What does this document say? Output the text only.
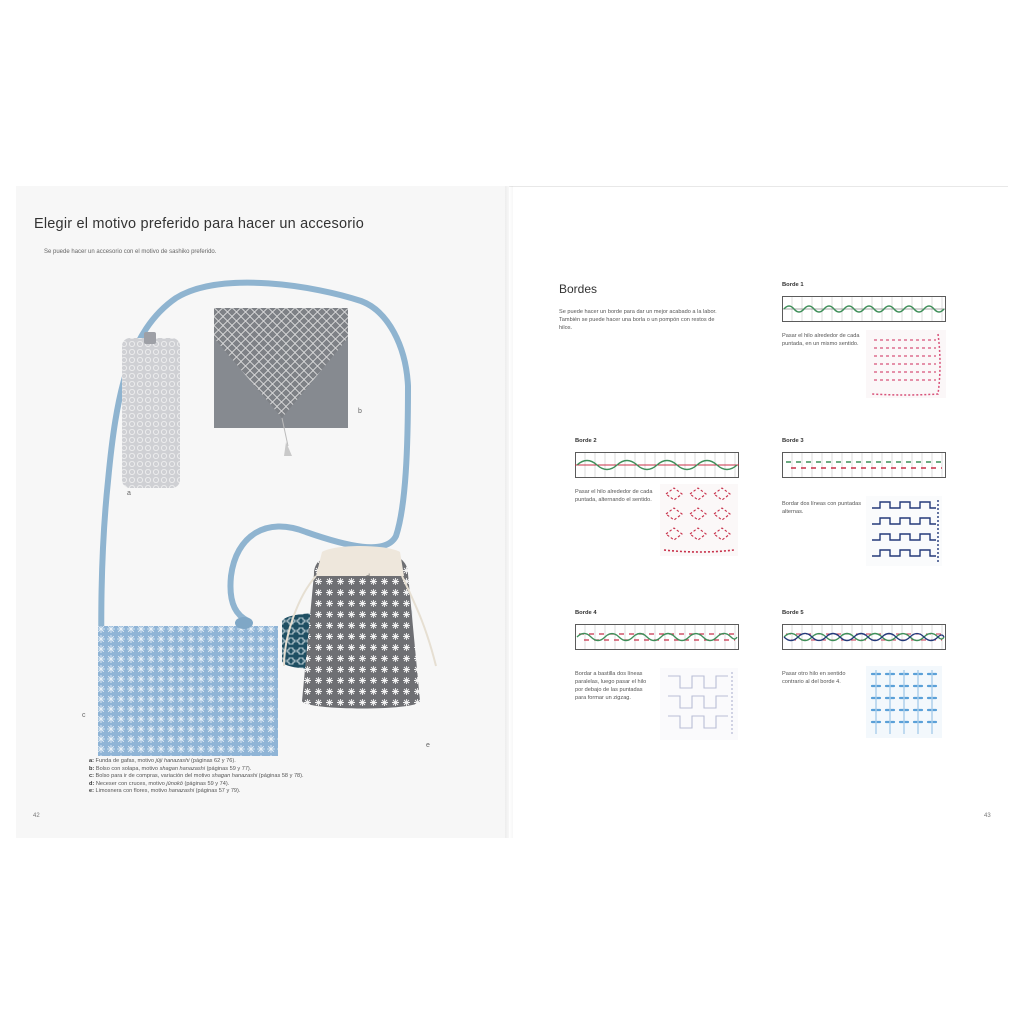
Elegir el motivo preferido para hacer un accesorio
Se puede hacer un accesorio con el motivo de sashiko preferido.
a
b
c
d
e
a: Funda de gafas, motivo jūji hanazashi (páginas 62 y 76).
b: Bolso con solapa, motivo shagan hanazashi (páginas 59 y 77).
c: Bolso para ir de compras, variación del motivo shagan hanazashi (páginas 58 y 78).
d: Neceser con cruces, motivo jūnokō (páginas 59 y 74).
e: Limosnera con flores, motivo hanazashi (páginas 57 y 79).
42
Bordes
Se puede hacer un borde para dar un mejor acabado a la labor. También se puede hacer una borla o un pompón con restos de hilos.
Borde 1
Pasar el hilo alrededor de cada puntada, en un mismo sentido.
Borde 2
Pasar el hilo alrededor de cada puntada, alternando el sentido.
Borde 3
Bordar dos líneas con puntadas alternas.
Borde 4
Bordar a bastilla dos líneas paralelas, luego pasar el hilo por debajo de las puntadas para formar un zigzag.
Borde 5
Pasar otro hilo en sentido contrario al del borde 4.
43
